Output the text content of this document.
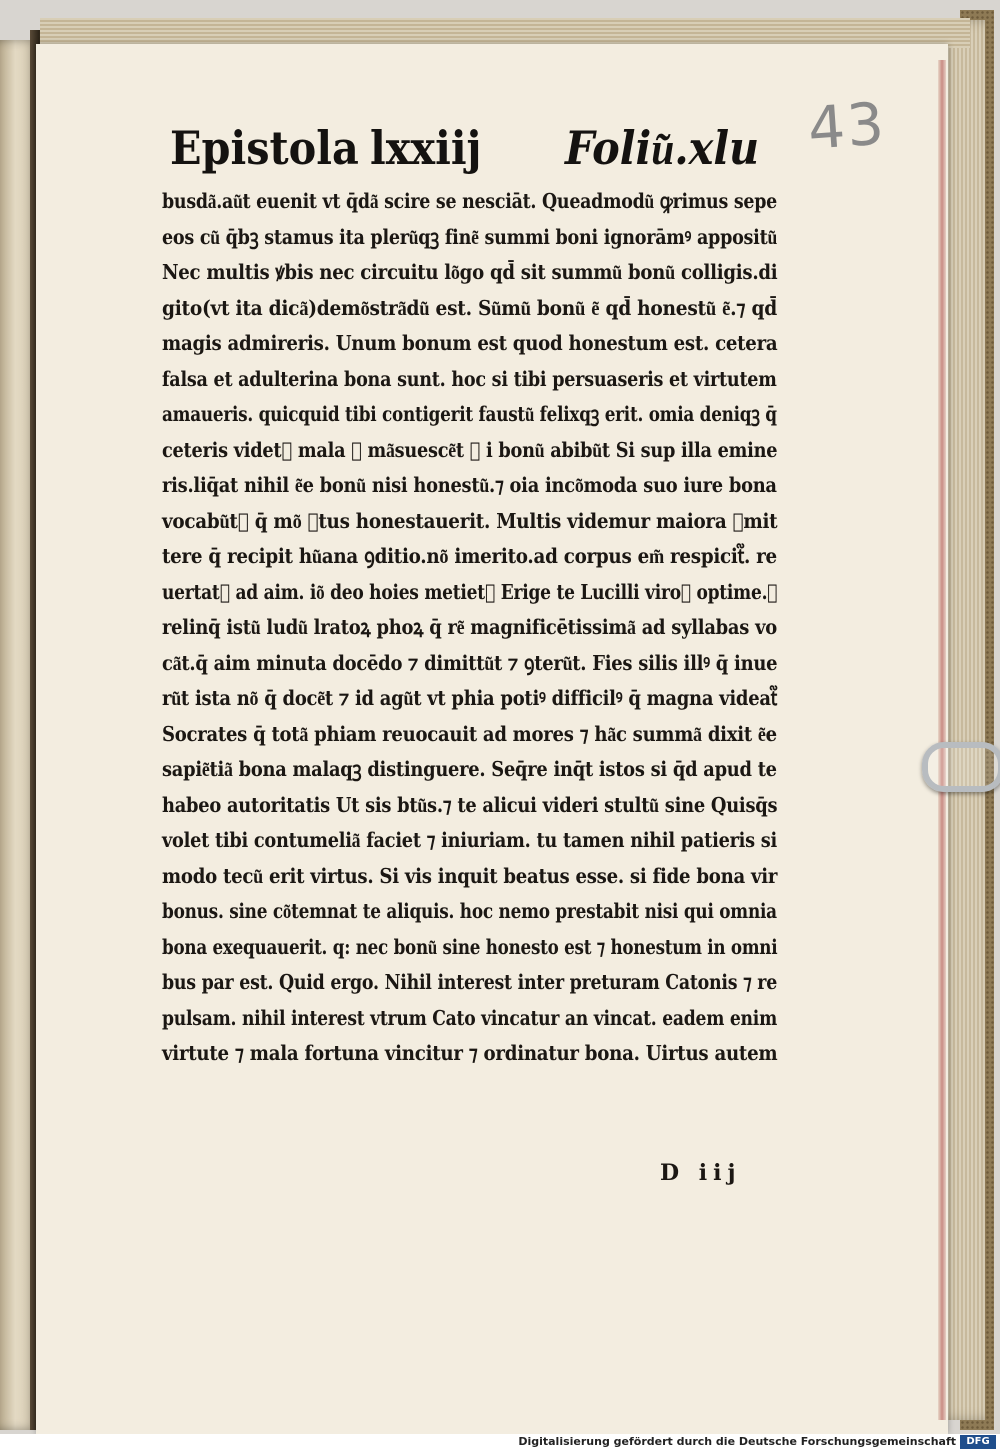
Epistola lxxiij Foliu͂.xlu 43
busda͂.au͂t euenit vt q̄da͂ scire se nesciāt. Queadmodu͂ ꝙrimus sepe
eos cu͂ q̄bꝫ stamus ita pleru͂qꝫ fine͂ summi boni ignorāmꝰ appositu͂
Nec multis ꝟbis nec circuitu lo͂go qd̄ sit summu͂ bonu͂ colligis.di
gito(vt ita dica͂)demo͂stra͂du͂ est. Su͂mu͂ bonu͂ e͂ qd̄ honestu͂ e͂.⁊ qd̄
magis admireris. Unum bonum est quod honestum est. cetera
falsa et adulterina bona sunt. hoc si tibi persuaseris et virtutem
amaueris. quicquid tibi contigerit faustu͂ felixqꝫ erit. omia deniqꝫ q̄
ceteris videt᷑ mala ⁊ ma͂suesce͂t ⁊ i bonu͂ abibu͂t Si sup illa emine
ris.liq̄at nihil e͂e bonu͂ nisi honestu͂.⁊ oia inco͂moda suo iure bona
vocabu͂t᷑ q̄ mo͂ ꝟtus honestauerit. Multis videmur maiora ꝓmit
tere q̄ recipit hu͂ana ꝯditio.no͂ imerito.ad corpus em͂ respicit᷑. re
uertat᷑ ad aim. io͂ deo hoies metiet᷑ Erige te Lucilli viroꝝ optime.⁊
relinq̄ istu͂ ludu͂ lratoꝝ phoꝝ q̄ re͂ magnificētissima͂ ad syllabas vo
ca͂t.q̄ aim minuta docēdo ⁊ dimittu͂t ⁊ ꝯteru͂t. Fies silis illꝰ q̄ inue
ru͂t ista no͂ q̄ doce͂t ⁊ id agu͂t vt phia potiꝰ difficilꝰ q̄ magna videat᷑
Socrates q̄ tota͂ phiam reuocauit ad mores ⁊ ha͂c summa͂ dixit e͂e
sapie͂tia͂ bona malaqꝫ distinguere. Seq̄re inq̄t istos si q̄d apud te
habeo autoritatis Ut sis btu͂s.⁊ te alicui videri stultu͂ sine Quisq̄s
volet tibi contumelia͂ faciet ⁊ iniuriam. tu tamen nihil patieris si
modo tecu͂ erit virtus. Si vis inquit beatus esse. si fide bona vir
bonus. sine co͂temnat te aliquis. hoc nemo prestabit nisi qui omnia
bona exequauerit. q: nec bonu͂ sine honesto est ⁊ honestum in omni
bus par est. Quid ergo. Nihil interest inter preturam Catonis ⁊ re
pulsam. nihil interest vtrum Cato vincatur an vincat. eadem enim
virtute ⁊ mala fortuna vincitur ⁊ ordinatur bona. Uirtus autem
D iij
Digitalisierung gefördert durch die Deutsche Forschungsgemeinschaft	DFG
